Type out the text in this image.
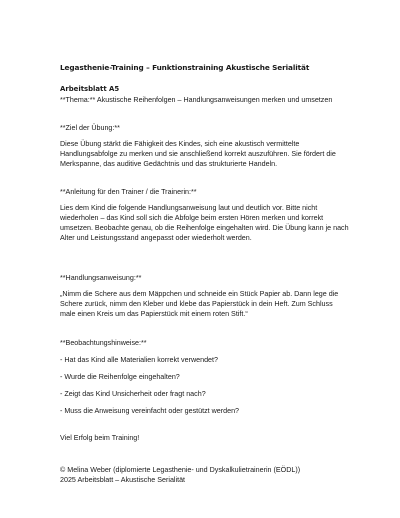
Legasthenie-Training – Funktionstraining Akustische Serialität

Arbeitsblatt A5

**Thema:** Akustische Reihenfolgen – Handlungsanweisungen merken und umsetzen

**Ziel der Übung:**

Diese Übung stärkt die Fähigkeit des Kindes, sich eine akustisch vermittelte Handlungsabfolge zu merken und sie anschließend korrekt auszuführen. Sie fördert die Merkspanne, das auditive Gedächtnis und das strukturierte Handeln.

**Anleitung für den Trainer / die Trainerin:**

Lies dem Kind die folgende Handlungsanweisung laut und deutlich vor. Bitte nicht wiederholen – das Kind soll sich die Abfolge beim ersten Hören merken und korrekt umsetzen. Beobachte genau, ob die Reihenfolge eingehalten wird. Die Übung kann je nach Alter und Leistungsstand angepasst oder wiederholt werden.

**Handlungsanweisung:**

„Nimm die Schere aus dem Mäppchen und schneide ein Stück Papier ab. Dann lege die Schere zurück, nimm den Kleber und klebe das Papierstück in dein Heft. Zum Schluss male einen Kreis um das Papierstück mit einem roten Stift.“

**Beobachtungshinweise:**

- Hat das Kind alle Materialien korrekt verwendet?

- Wurde die Reihenfolge eingehalten?

- Zeigt das Kind Unsicherheit oder fragt nach?

- Muss die Anweisung vereinfacht oder gestützt werden?

Viel Erfolg beim Training!

© Melina Weber (diplomierte Legasthenie- und Dyskalkulietrainerin (EÖDL))
2025 Arbeitsblatt – Akustische Serialität
